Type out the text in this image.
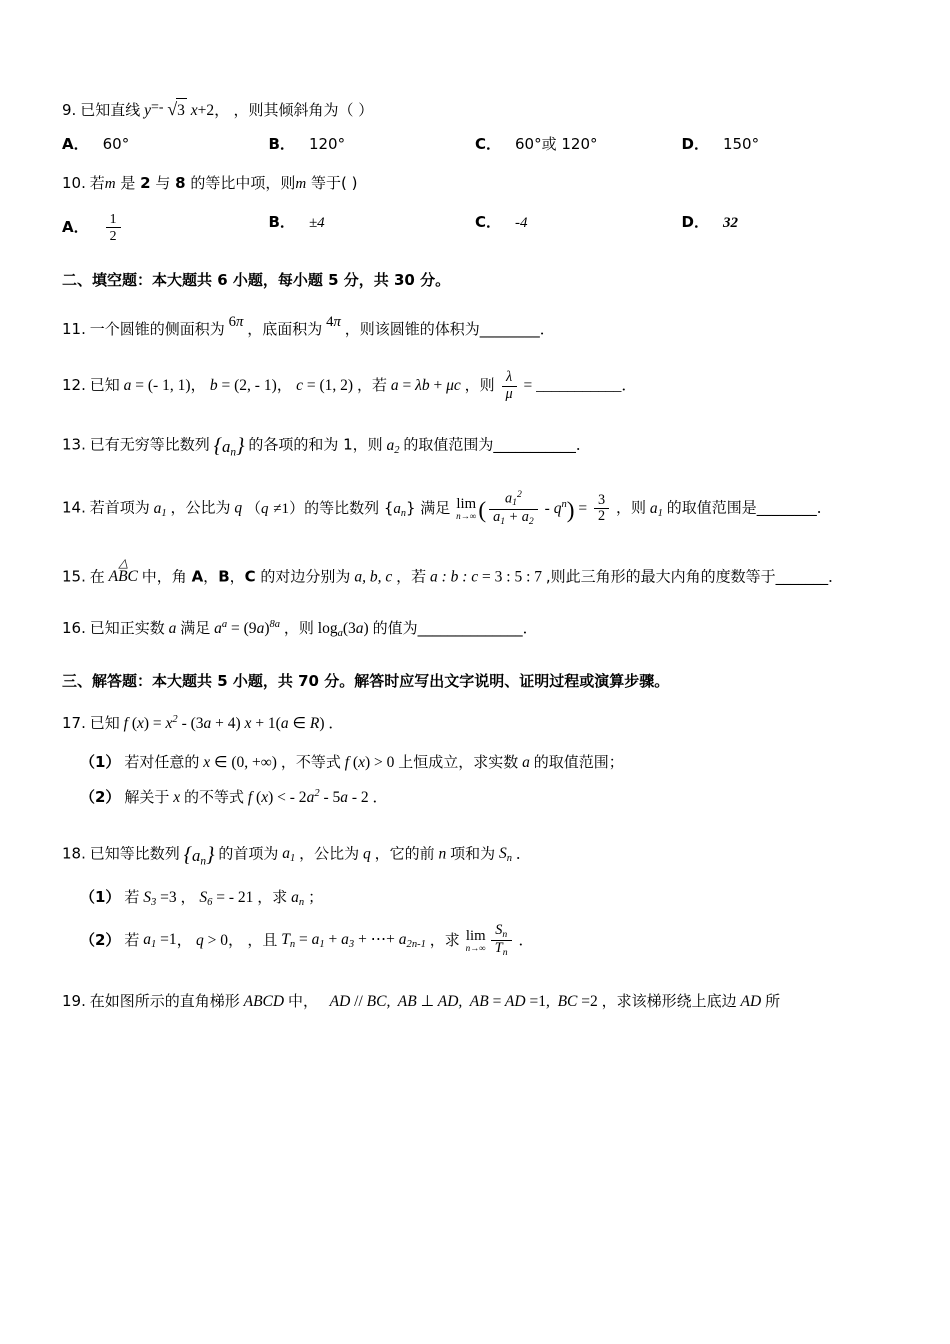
9. 已知直线 y=- √3 x+2， ，则其倾斜角为（ ）
A． 60°	B． 120°	C． 60°或 120°	D． 150°
10. 若m 是 2 与 8 的等比中项，则m 等于( )
A． $\frac{1}{2}$	B． ±4	C． -4	D． 32
二、填空题：本大题共 6 小题，每小题 5 分，共 30 分。
11. 一个圆锥的侧面积为 $^{6\pi}$ ，底面积为 $^{4\pi}$ ，则该圆锥的体积为________．
12. 已知 a = (- 1, 1)， b = (2, - 1)， c = (1, 2) ，若 a = λb + μc ，则 $\frac{\lambda}{\mu}$ = ___________．
13. 已有无穷等比数列 $\{a_n\}$ 的各项的和为 1，则 $a_2$ 的取值范围为___________．
14. 若首项为 $a_1$ ，公比为 q （q ≠1）的等比数列 $\{a_n\}$ 满足 lim
n→∞ ( $\frac{a_1^2}{a_1 + a_2} - q^n) = \frac{3}{2}$ ，则 $a_1$ 的取值范围是________．
15. 在
△
ABC 中，角 A，B，C 的对边分别为 a, b, c ，若 a : b : c = 3 : 5 : 7 ,则此三角形的最大内角的度数等于_______．
16. 已知正实数 a 满足 $a^a = (9a)^{8a}$ ，则 $\log_a(3a)$ 的值为______________．
三、解答题：本大题共 5 小题，共 70 分。解答时应写出文字说明、证明过程或演算步骤。
17. 已知 f $(x) = x^2 - (3a + 4) x + 1(a$ ∈ R) ．
（1） 若对任意的 x ∈ (0, +∞) ，不等式 f (x) > 0 上恒成立，求实数 a 的取值范围；
（2） 解关于 x 的不等式 f (x) < - $2a^2 - 5a - 2$ ．
18. 已知等比数列 $\{a_n\}$ 的首项为 $a_1$ ，公比为 q ，它的前 n 项和为 $S_n$ ．
（1） 若 $S_3 =3$ ， $S_6$ = - 21 ，求 $a_n$ ；
（2） 若 $a_1 =1$， q > 0， ，且 $T_n = a_1 + a_3$ + ⋯+ $a_{2n-1}$ ，求 lim
$n\to\infty \frac{S_n}{T_n}$ ．
19. 在如图所示的直角梯形 ABCD 中，   AD // BC,  AB ⊥ AD,  AB = AD =1,  BC =2 ，求该梯形绕上底边 AD 所
